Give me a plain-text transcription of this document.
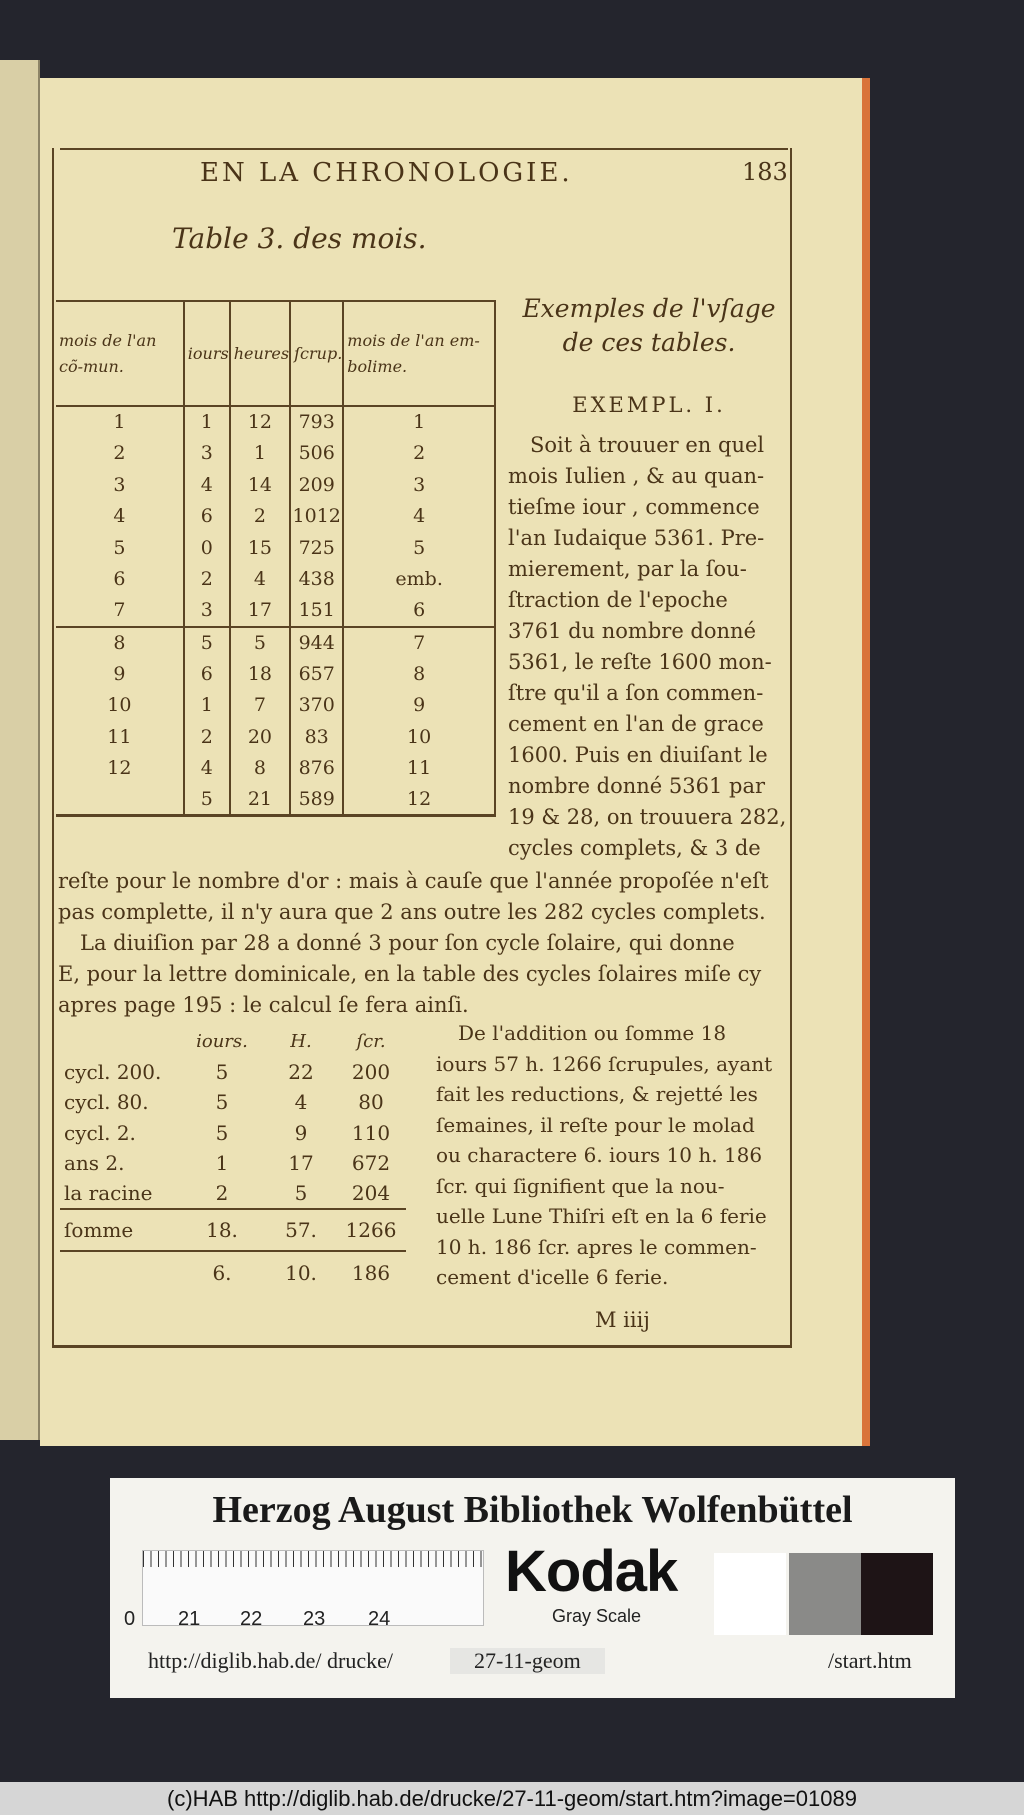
EN LA CHRONOLOGIE.	183
Table 3. des mois.
mois de l'an cõ-mun.	iours	heures	ſcrup.	mois de l'an em-bolime.
1	1	12	793	1
2	3	1	506	2
3	4	14	209	3
4	6	2	1012	4
5	0	15	725	5
6	2	4	438	emb.
7	3	17	151	6
8	5	5	944	7
9	6	18	657	8
10	1	7	370	9
11	2	20	83	10
12	4	8	876	11
	5	21	589	12
Exemples de l'vſage de ces tables.
EXEMPL. I.
Soit à trouuer en quel
mois Iulien , & au quan-
tieſme iour , commence
l'an Iudaique 5361. Pre-
mierement, par la ſou-
ſtraction de l'epoche
3761 du nombre donné
5361, le reſte 1600 mon-
ſtre qu'il a ſon commen-
cement en l'an de grace
1600. Puis en diuiſant le
nombre donné 5361 par
19 & 28, on trouuera 282,
cycles complets, & 3 de
reſte pour le nombre d'or : mais à cauſe que l'année propoſée n'eſt
pas complette, il n'y aura que 2 ans outre les 282 cycles complets.
La diuiſion par 28 a donné 3 pour ſon cycle ſolaire, qui donne
E, pour la lettre dominicale, en la table des cycles ſolaires miſe cy
apres page 195 : le calcul ſe fera ainſi.
	iours.	H.	ſcr.
cycl. 200.	5	22	200
cycl. 80.	5	4	80
cycl. 2.	5	9	110
ans 2.	1	17	672
la racine	2	5	204
ſomme	18.	57.	1266
	6.	10.	186
De l'addition ou ſomme 18
iours 57 h. 1266 ſcrupules, ayant
fait les reductions, & rejetté les
ſemaines, il reſte pour le molad
ou charactere 6. iours 10 h. 186
ſcr. qui ſignifient que la nou-
uelle Lune Thiſri eſt en la 6 ferie
10 h. 186 ſcr. apres le commen-
cement d'icelle 6 ferie.
M iiij
Herzog August Bibliothek Wolfenbüttel
0 21 22 23 24
Kodak
Gray Scale
http://diglib.hab.de/ drucke/	27-11-geom	/start.htm
(c)HAB http://diglib.hab.de/drucke/27-11-geom/start.htm?image=01089
